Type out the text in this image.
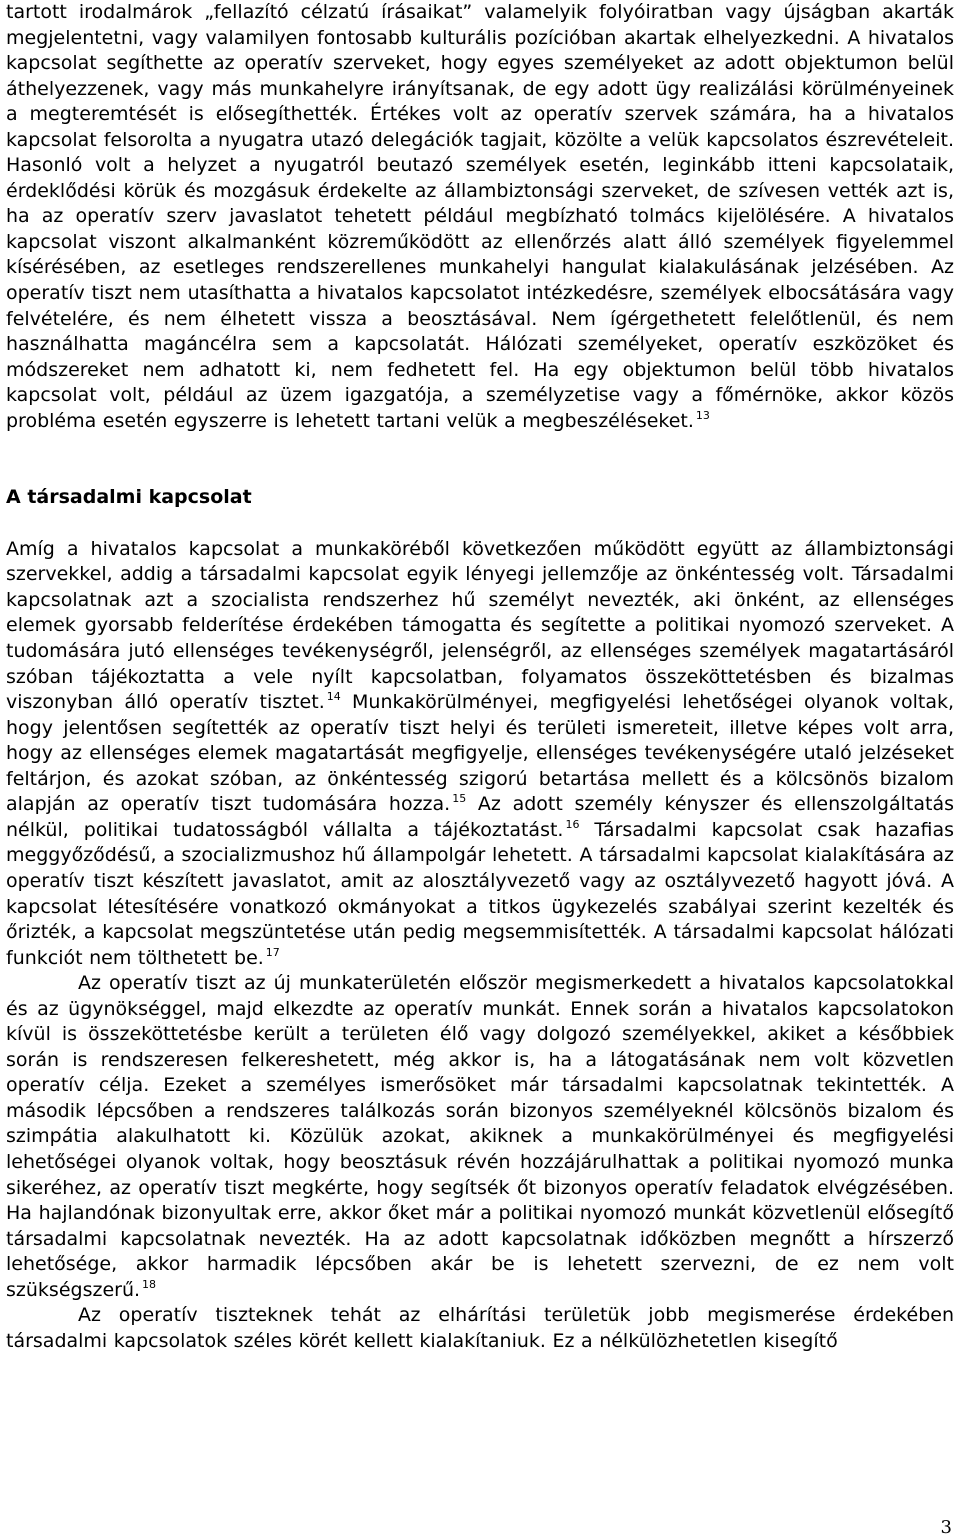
tartott irodalmárok „fellazító célzatú írásaikat” valamelyik folyóiratban vagy újságban akarták megjelentetni, vagy valamilyen fontosabb kulturális pozícióban akartak elhelyezkedni. A hivatalos kapcsolat segíthette az operatív szerveket, hogy egyes személyeket az adott objektumon belül áthelyezzenek, vagy más munkahelyre irányítsanak, de egy adott ügy realizálási körülményeinek a megteremtését is elősegíthették. Értékes volt az operatív szervek számára, ha a hivatalos kapcsolat felsorolta a nyugatra utazó delegációk tagjait, közölte a velük kapcsolatos észrevételeit. Hasonló volt a helyzet a nyugatról beutazó személyek esetén, leginkább itteni kapcsolataik, érdeklődési körük és mozgásuk érdekelte az állambiztonsági szerveket, de szívesen vették azt is, ha az operatív szerv javaslatot tehetett például megbízható tolmács kijelölésére. A hivatalos kapcsolat viszont alkalmanként közreműködött az ellenőrzés alatt álló személyek figyelemmel kísérésében, az esetleges rendszerellenes munkahelyi hangulat kialakulásának jelzésében. Az operatív tiszt nem utasíthatta a hivatalos kapcsolatot intézkedésre, személyek elbocsátására vagy felvételére, és nem élhetett vissza a beosztásával. Nem ígérgethetett felelőtlenül, és nem használhatta magáncélra sem a kapcsolatát. Hálózati személyeket, operatív eszközöket és módszereket nem adhatott ki, nem fedhetett fel. Ha egy objektumon belül több hivatalos kapcsolat volt, például az üzem igazgatója, a személyzetise vagy a főmérnöke, akkor közös probléma esetén egyszerre is lehetett tartani velük a megbeszéléseket. $^{13}$

A társadalmi kapcsolat

Amíg a hivatalos kapcsolat a munkaköréből következően működött együtt az állambiztonsági szervekkel, addig a társadalmi kapcsolat egyik lényegi jellemzője az önkéntesség volt. Társadalmi kapcsolatnak azt a szocialista rendszerhez hű személyt nevezték, aki önként, az ellenséges elemek gyorsabb felderítése érdekében támogatta és segítette a politikai nyomozó szerveket. A tudomására jutó ellenséges tevékenységről, jelenségről, az ellenséges személyek magatartásáról szóban tájékoztatta a vele nyílt kapcsolatban, folyamatos összeköttetésben és bizalmas viszonyban álló operatív tisztet. $^{14}$ Munkakörülményei, megfigyelési lehetőségei olyanok voltak, hogy jelentősen segítették az operatív tiszt helyi és területi ismereteit, illetve képes volt arra, hogy az ellenséges elemek magatartását megfigyelje, ellenséges tevékenységére utaló jelzéseket feltárjon, és azokat szóban, az önkéntesség szigorú betartása mellett és a kölcsönös bizalom alapján az operatív tiszt tudomására hozza. $^{15}$ Az adott személy kényszer és ellenszolgáltatás nélkül, politikai tudatosságból vállalta a tájékoztatást. $^{16}$ Társadalmi kapcsolat csak hazafias meggyőződésű, a szocializmushoz hű állampolgár lehetett. A társadalmi kapcsolat kialakítására az operatív tiszt készített javaslatot, amit az alosztályvezető vagy az osztályvezető hagyott jóvá. A kapcsolat létesítésére vonatkozó okmányokat a titkos ügykezelés szabályai szerint kezelték és őrizték, a kapcsolat megszüntetése után pedig megsemmisítették. A társadalmi kapcsolat hálózati funkciót nem tölthetett be. $^{17}$

Az operatív tiszt az új munkaterületén először megismerkedett a hivatalos kapcsolatokkal és az ügynökséggel, majd elkezdte az operatív munkát. Ennek során a hivatalos kapcsolatokon kívül is összeköttetésbe került a területen élő vagy dolgozó személyekkel, akiket a későbbiek során is rendszeresen felkereshetett, még akkor is, ha a látogatásának nem volt közvetlen operatív célja. Ezeket a személyes ismerősöket már társadalmi kapcsolatnak tekintették. A második lépcsőben a rendszeres találkozás során bizonyos személyeknél kölcsönös bizalom és szimpátia alakulhatott ki. Közülük azokat, akiknek a munkakörülményei és megfigyelési lehetőségei olyanok voltak, hogy beosztásuk révén hozzájárulhattak a politikai nyomozó munka sikeréhez, az operatív tiszt megkérte, hogy segítsék őt bizonyos operatív feladatok elvégzésében. Ha hajlandónak bizonyultak erre, akkor őket már a politikai nyomozó munkát közvetlenül elősegítő társadalmi kapcsolatnak nevezték. Ha az adott kapcsolatnak időközben megnőtt a hírszerző lehetősége, akkor harmadik lépcsőben akár be is lehetett szervezni, de ez nem volt szükségszerű. $^{18}$

Az operatív tiszteknek tehát az elhárítási területük jobb megismerése érdekében társadalmi kapcsolatok széles körét kellett kialakítaniuk. Ez a nélkülözhetetlen kisegítő

3
